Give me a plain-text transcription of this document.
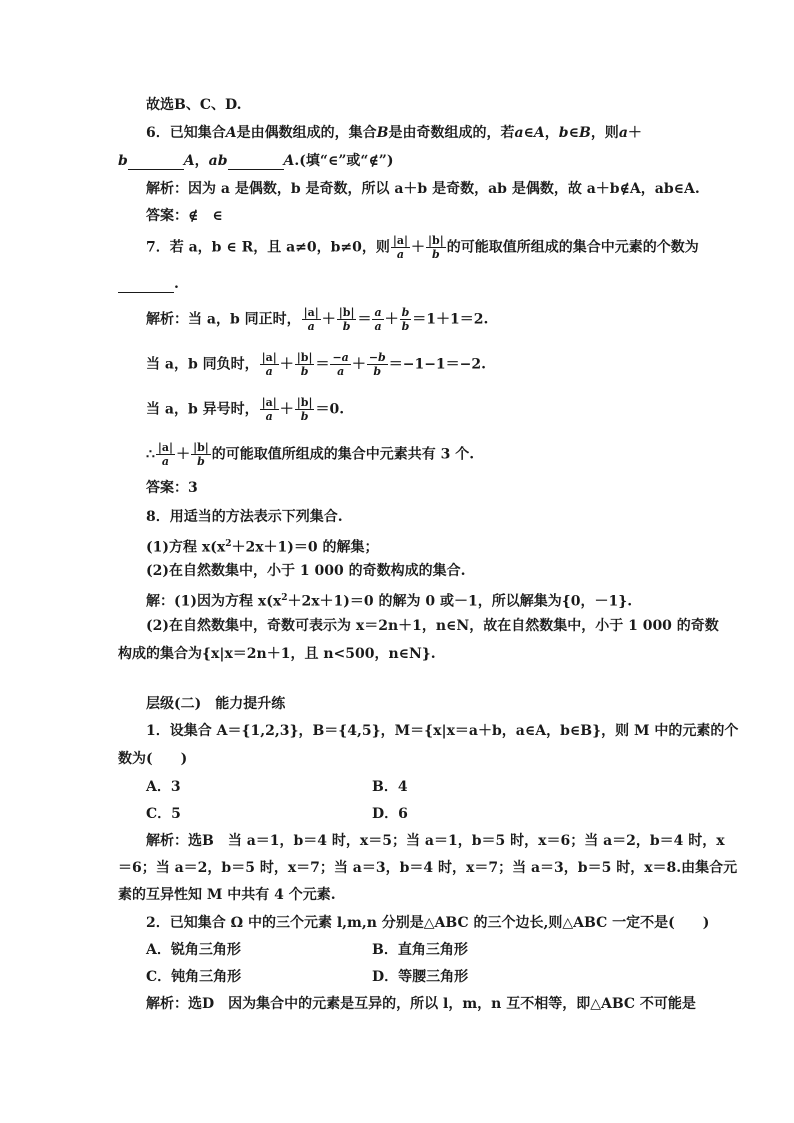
故选B、C、D.
6．已知集合A是由偶数组成的，集合B是由奇数组成的，若a∈A，b∈B，则a＋
b	A，ab	A.(填“∈”或“∉”)
解析：因为 a 是偶数，b 是奇数，所以 a＋b 是奇数，ab 是偶数，故 a＋b∉A，ab∈A.
答案：∉　∈
7．若 a，b ∈ R，且 a≠0，b≠0，则 $\frac{|a|}{a} + \frac{|b|}{b}$ 的可能取值所组成的集合中元素的个数为
.
解析：当 a，b 同正时， $\frac{|a|}{a} + \frac{|b|}{b} = \frac{a}{a} + \frac{b}{b} =1+1=2$.
当 a，b 同负时， $\frac{|a|}{a} + \frac{|b|}{b} = \frac{-a}{a} + \frac{-b}{b} =-1-1=-2$.
当 a，b 异号时， $\frac{|a|}{a} + \frac{|b|}{b} =0$.
∴ $\frac{|a|}{a} + \frac{|b|}{b}$ 的可能取值所组成的集合中元素共有 3 个.
答案：3
8．用适当的方法表示下列集合.
(1)方程 $x(x^2+2x+1)=0$ 的解集；
(2)在自然数集中，小于 1 000 的奇数构成的集合.
解：(1)因为方程 $x(x^2+2x+1)=0$ 的解为 0 或－1，所以解集为{0，－1}.
(2)在自然数集中，奇数可表示为 x＝2n＋1，n∈N，故在自然数集中，小于 1 000 的奇数
构成的集合为{x|x＝2n＋1，且 n<500，n∈N}.
层级(二)　能力提升练
1．设集合 A＝{1,2,3}，B＝{4,5}，M＝{x|x＝a＋b，a∈A，b∈B}，则 M 中的元素的个
数为(　　)
A．3	B．4
C．5	D．6
解析：选B　当 a＝1，b＝4 时，x＝5；当 a＝1，b＝5 时，x＝6；当 a＝2，b＝4 时，x
＝6；当 a＝2，b＝5 时，x＝7；当 a＝3，b＝4 时，x＝7；当 a＝3，b＝5 时，x＝8.由集合元
素的互异性知 M 中共有 4 个元素.
2．已知集合 Ω 中的三个元素 l,m,n 分别是△ABC 的三个边长,则△ABC 一定不是(　　)
A．锐角三角形	B．直角三角形
C．钝角三角形	D．等腰三角形
解析：选D　因为集合中的元素是互异的，所以 l，m，n 互不相等，即△ABC 不可能是
